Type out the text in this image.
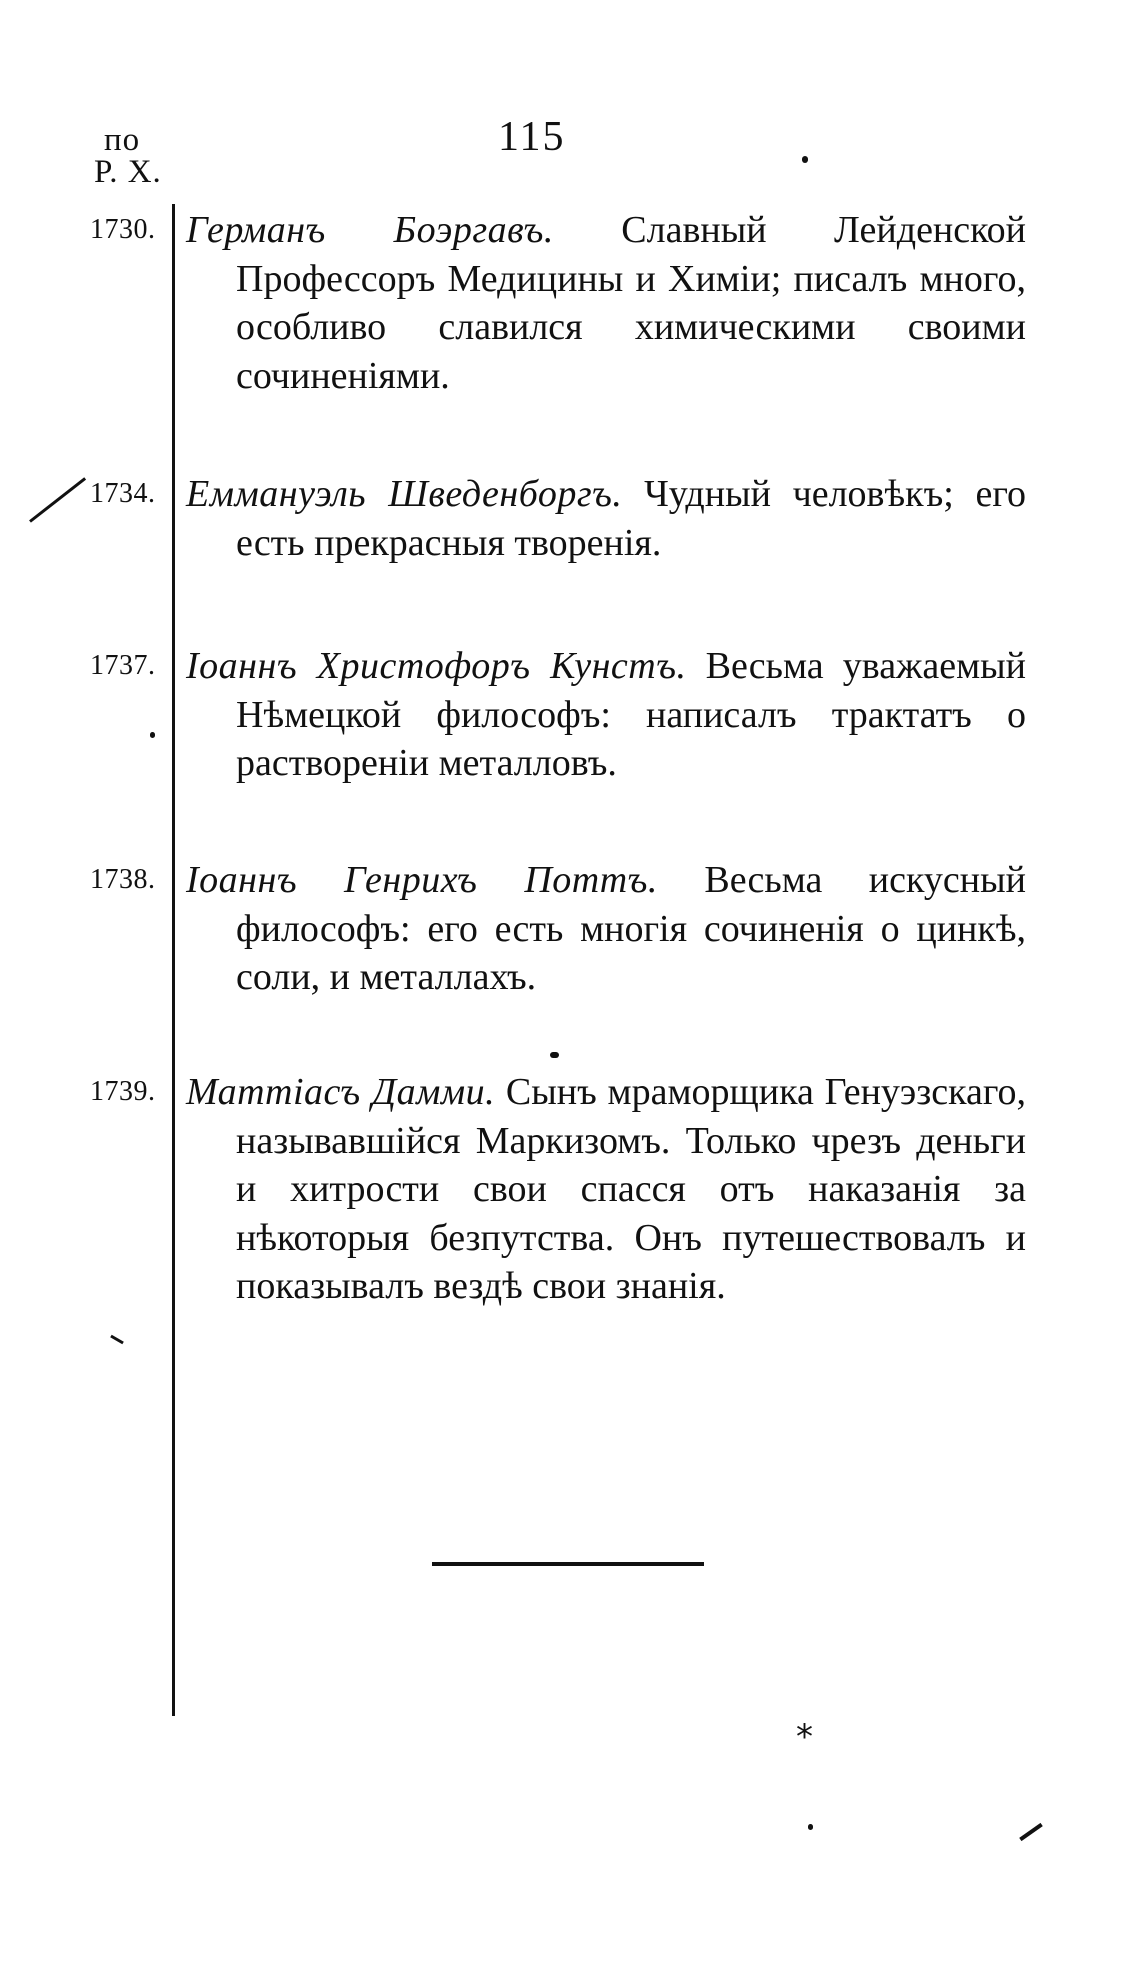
по
Р. Х.
115
1730. Германъ Боэргавъ. Славный Лейденской Профессоръ Медицины и Химiи; писалъ много, особливо славился химическими своими сочиненiями.
1734. Еммануэль Шведенборгъ. Чудный человѣкъ; его есть прекрасныя творенiя.
1737. Iоаннъ Христофоръ Кунстъ. Весьма уважаемый Нѣмецкой философъ: написалъ трактатъ о растворенiи металловъ.
1738. Iоаннъ Генрихъ Поттъ. Весьма искусный философъ: его есть многiя сочиненiя о цинкѣ, соли, и металлахъ.
1739. Маттiасъ Дамми. Сынъ мраморщика Генуэзскаго, называвшiйся Маркизомъ. Только чрезъ деньги и хитрости свои спасся отъ наказанiя за нѣкоторыя безпутства. Онъ путешествовалъ и показывалъ вездѣ свои знанiя.
*
